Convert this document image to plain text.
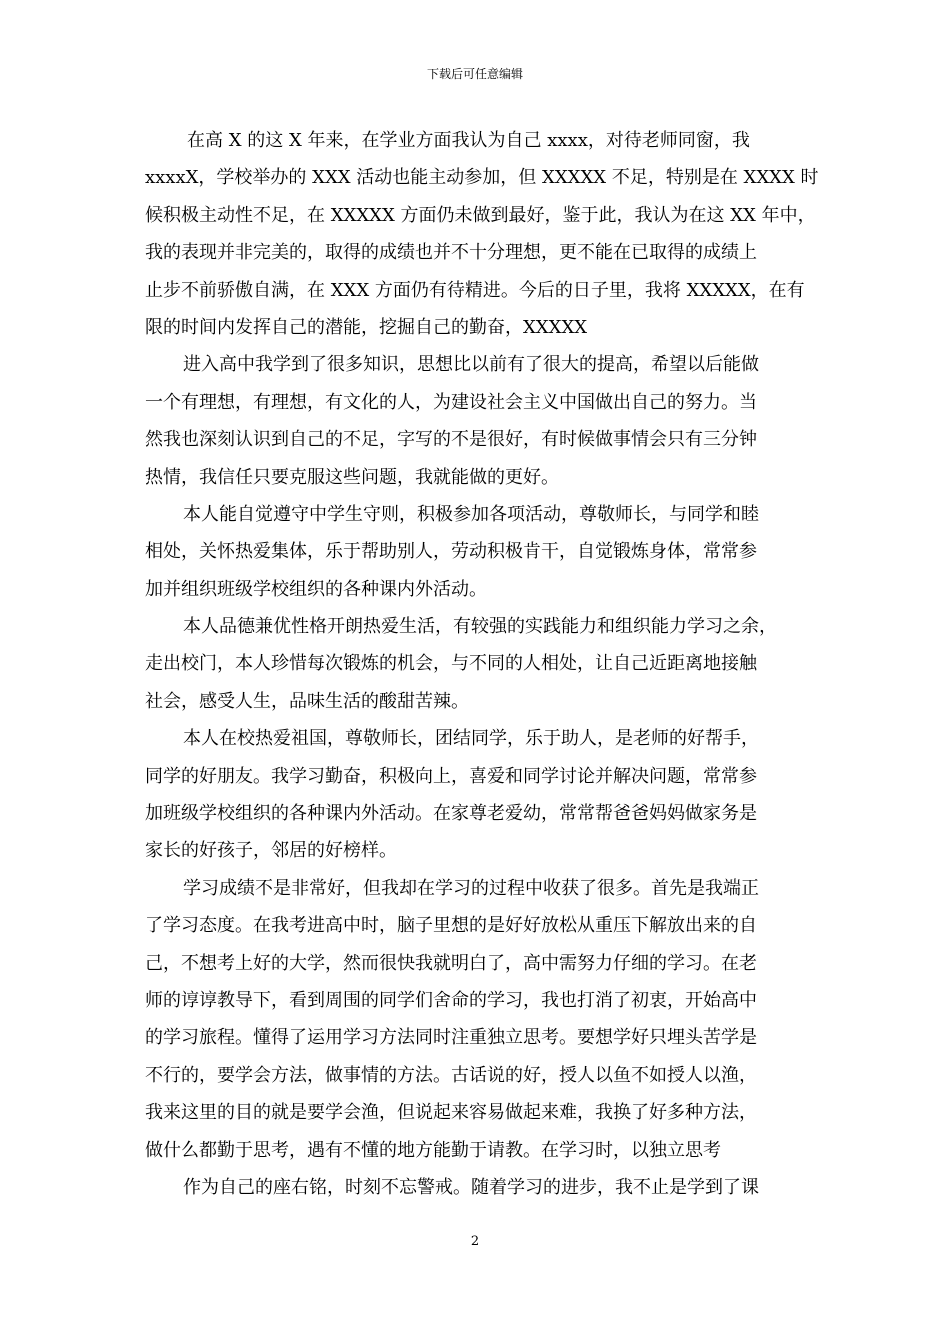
下载后可任意编辑
在高 X 的这 X 年来，在学业方面我认为自己 xxxx，对待老师同窗，我
xxxxX，学校举办的 XXX 活动也能主动参加，但 XXXXX 不足，特别是在 XXXX 时
候积极主动性不足，在 XXXXX 方面仍未做到最好，鉴于此，我认为在这 XX 年中，
我的表现并非完美的，取得的成绩也并不十分理想，更不能在已取得的成绩上
止步不前骄傲自满，在 XXX 方面仍有待精进。今后的日子里，我将 XXXXX，在有
限的时间内发挥自己的潜能，挖掘自己的勤奋，XXXXX
进入高中我学到了很多知识，思想比以前有了很大的提高，希望以后能做
一个有理想，有理想，有文化的人，为建设社会主义中国做出自己的努力。当
然我也深刻认识到自己的不足，字写的不是很好，有时候做事情会只有三分钟
热情，我信任只要克服这些问题，我就能做的更好。
本人能自觉遵守中学生守则，积极参加各项活动，尊敬师长，与同学和睦
相处，关怀热爱集体，乐于帮助别人，劳动积极肯干，自觉锻炼身体，常常参
加并组织班级学校组织的各种课内外活动。
本人品德兼优性格开朗热爱生活，有较强的实践能力和组织能力学习之余，
走出校门，本人珍惜每次锻炼的机会，与不同的人相处，让自己近距离地接触
社会，感受人生，品味生活的酸甜苦辣。
本人在校热爱祖国，尊敬师长，团结同学，乐于助人，是老师的好帮手，
同学的好朋友。我学习勤奋，积极向上，喜爱和同学讨论并解决问题，常常参
加班级学校组织的各种课内外活动。在家尊老爱幼，常常帮爸爸妈妈做家务是
家长的好孩子，邻居的好榜样。
学习成绩不是非常好，但我却在学习的过程中收获了很多。首先是我端正
了学习态度。在我考进高中时，脑子里想的是好好放松从重压下解放出来的自
己，不想考上好的大学，然而很快我就明白了，高中需努力仔细的学习。在老
师的谆谆教导下，看到周围的同学们舍命的学习，我也打消了初衷，开始高中
的学习旅程。懂得了运用学习方法同时注重独立思考。要想学好只埋头苦学是
不行的，要学会方法，做事情的方法。古话说的好，授人以鱼不如授人以渔，
我来这里的目的就是要学会渔，但说起来容易做起来难，我换了好多种方法，
做什么都勤于思考，遇有不懂的地方能勤于请教。在学习时，以独立思考
作为自己的座右铭，时刻不忘警戒。随着学习的进步，我不止是学到了课
2
